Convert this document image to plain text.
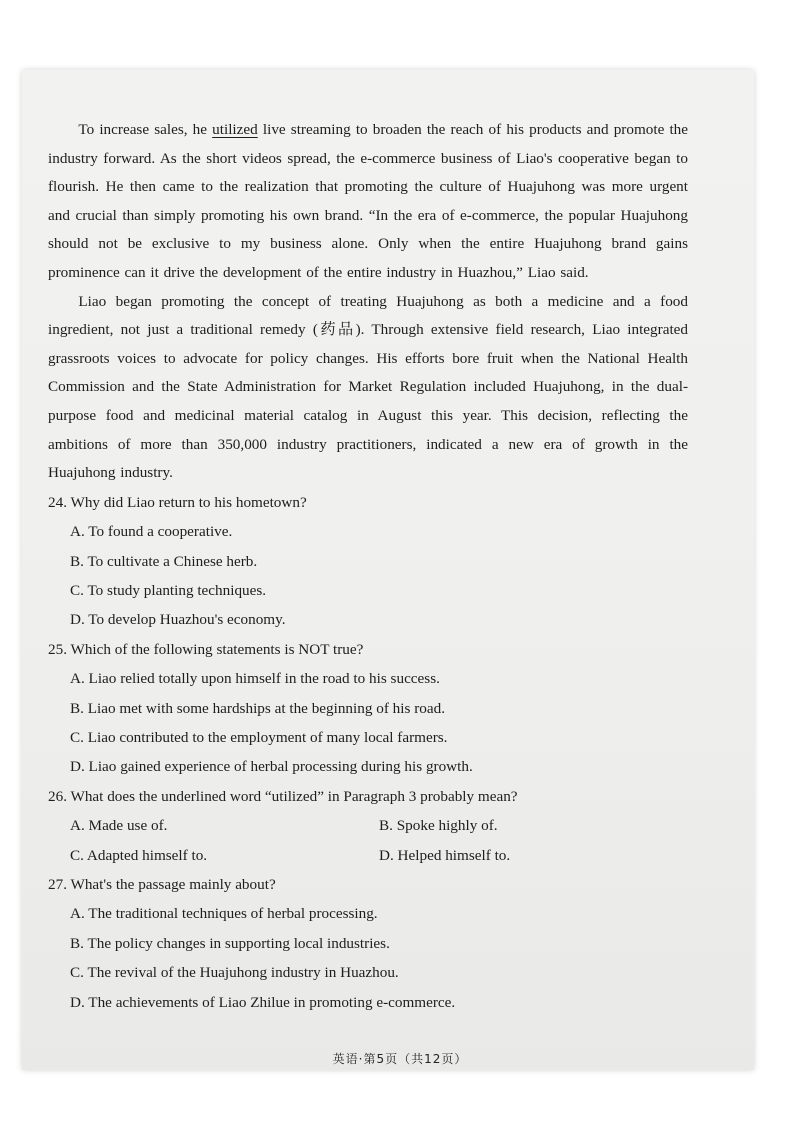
To increase sales, he utilized live streaming to broaden the reach of his products and promote the industry forward. As the short videos spread, the e-commerce business of Liao's cooperative began to flourish. He then came to the realization that promoting the culture of Huajuhong was more urgent and crucial than simply promoting his own brand. “In the era of e-commerce, the popular Huajuhong should not be exclusive to my business alone. Only when the entire Huajuhong brand gains prominence can it drive the development of the entire industry in Huazhou,” Liao said.

Liao began promoting the concept of treating Huajuhong as both a medicine and a food ingredient, not just a traditional remedy (药品). Through extensive field research, Liao integrated grassroots voices to advocate for policy changes. His efforts bore fruit when the National Health Commission and the State Administration for Market Regulation included Huajuhong, in the dual-purpose food and medicinal material catalog in August this year. This decision, reflecting the ambitions of more than 350,000 industry practitioners, indicated a new era of growth in the Huajuhong industry.

24. Why did Liao return to his hometown?

A. To found a cooperative.

B. To cultivate a Chinese herb.

C. To study planting techniques.

D. To develop Huazhou's economy.

25. Which of the following statements is NOT true?

A. Liao relied totally upon himself in the road to his success.

B. Liao met with some hardships at the beginning of his road.

C. Liao contributed to the employment of many local farmers.

D. Liao gained experience of herbal processing during his growth.

26. What does the underlined word “utilized” in Paragraph 3 probably mean?

A. Made use of.	B. Spoke highly of.
C. Adapted himself to.	D. Helped himself to.

27. What's the passage mainly about?

A. The traditional techniques of herbal processing.

B. The policy changes in supporting local industries.

C. The revival of the Huajuhong industry in Huazhou.

D. The achievements of Liao Zhilue in promoting e-commerce.

英语·第5页（共12页）
